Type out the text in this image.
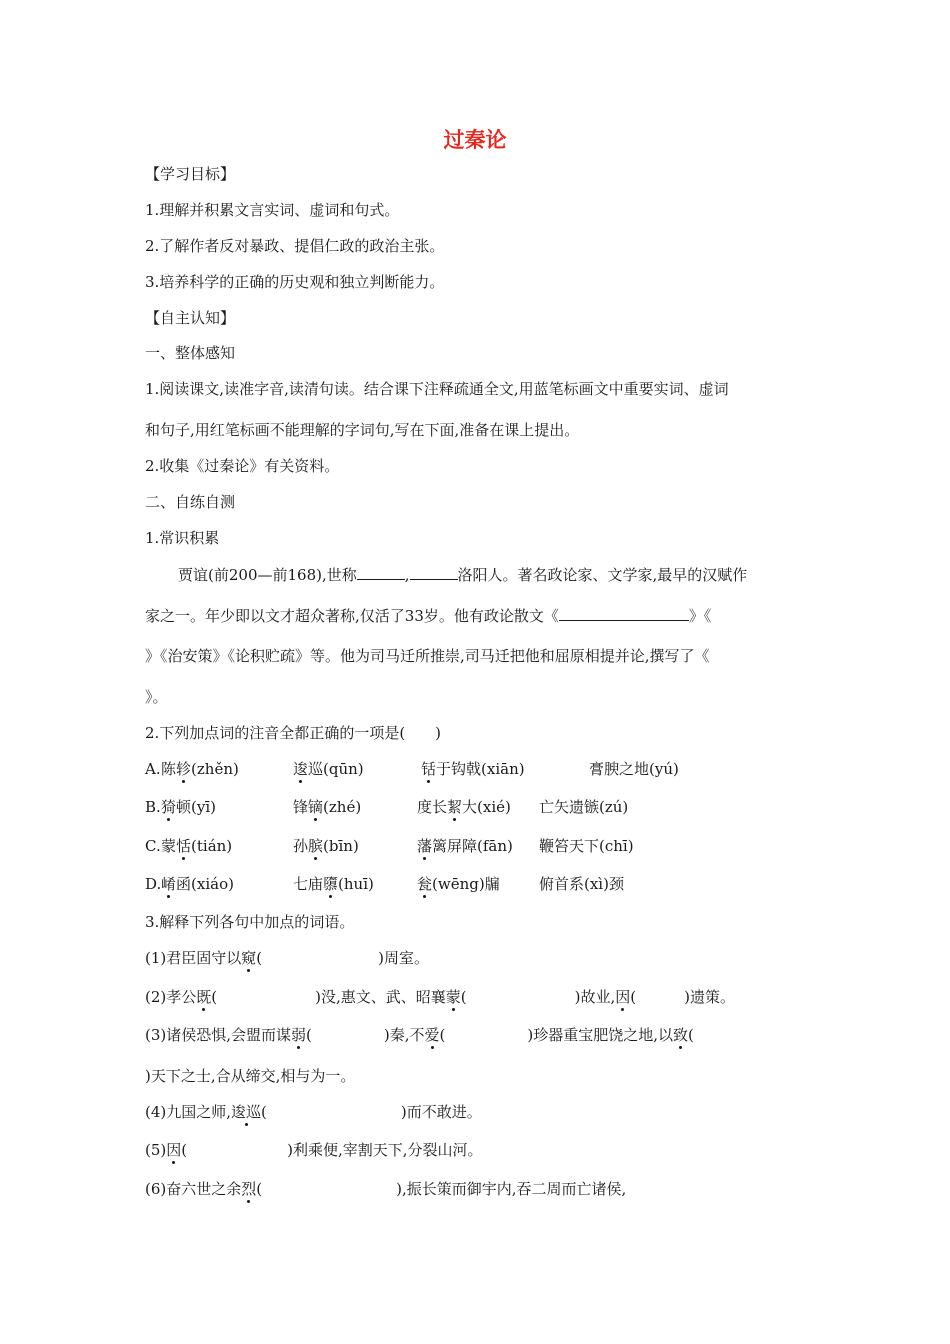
过秦论
【学习目标】
1.理解并积累文言实词、虚词和句式。
2.了解作者反对暴政、提倡仁政的政治主张。
3.培养科学的正确的历史观和独立判断能力。
【自主认知】
一、整体感知
1.阅读课文,读准字音,读清句读。结合课下注释疏通全文,用蓝笔标画文中重要实词、虚词
和句子,用红笔标画不能理解的字词句,写在下面,准备在课上提出。
2.收集《过秦论》有关资料。
二、自练自测
1.常识积累
贾谊(前200—前168),世称	,	洛阳人。著名政论家、文学家,最早的汉赋作
家之一。年少即以文才超众著称,仅活了33岁。他有政论散文《	》《
》《治安策》《论积贮疏》等。他为司马迁所推崇,司马迁把他和屈原相提并论,撰写了《
》。
2.下列加点词的注音全都正确的一项是( )
A. 陈轸(zhěn)	逡巡(qūn)	铦于钩戟(xiān)	膏腴之地(yú)
B. 猗顿(yī)	锋镝(zhé)	度长絜大(xié) 亡矢遗镞(zú)
C. 蒙恬(tián)	孙膑(bīn)	藩篱屏障(fān) 鞭笞天下(chī)
D. 崤函(xiáo)	七庙隳(huī)	瓮(wēng)牖	俯首系(xì)颈
3.解释下列各句中加点的词语。
(1)君臣固守以窥(	)周室。
(2)孝公既(	)没,惠文、武、昭襄蒙(	)故业,因(	)遗策。
(3)诸侯恐惧,会盟而谋弱(	)秦,不爱(	)珍器重宝肥饶之地,以致(
)天下之士,合从缔交,相与为一。
(4)九国之师,逡巡(	)而不敢进。
(5)因(	)利乘便,宰割天下,分裂山河。
(6)奋六世之余烈(	),振长策而御宇内,吞二周而亡诸侯,
